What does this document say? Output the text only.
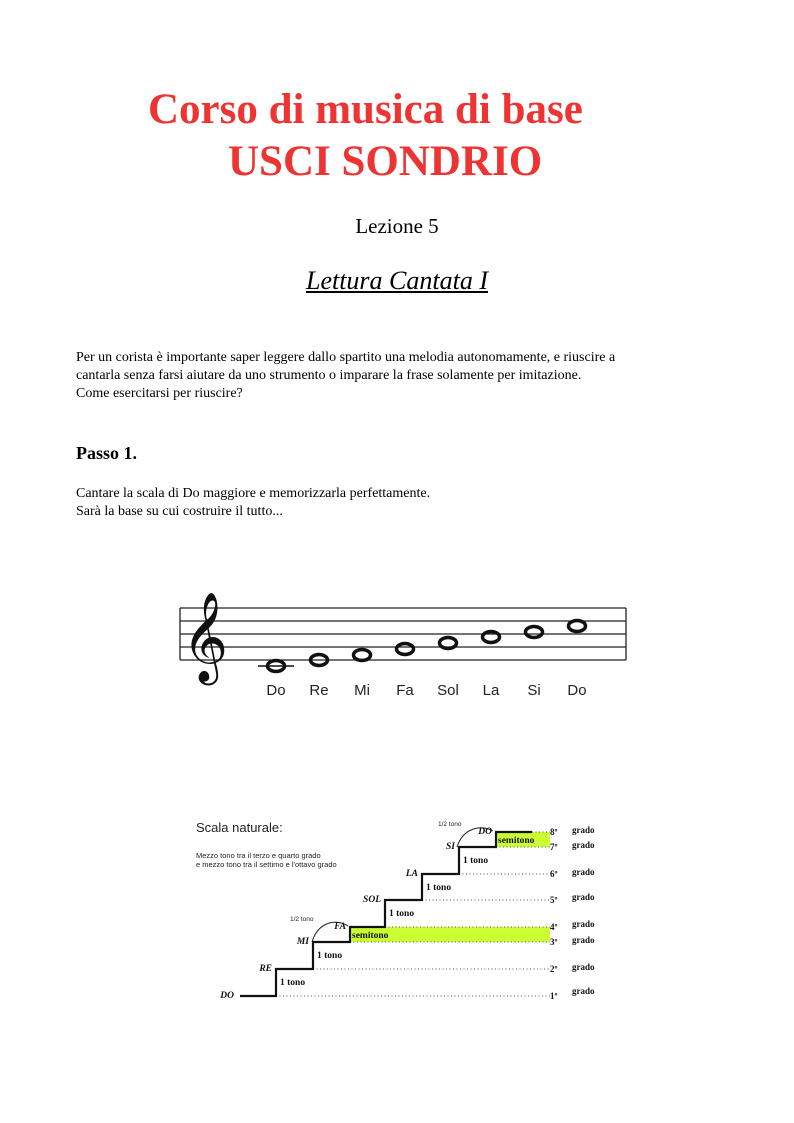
Corso di musica di base
USCI SONDRIO
Lezione 5
Lettura Cantata I
Per un corista è importante saper leggere dallo spartito una melodia autonomamente, e riuscire a
cantarla senza farsi aiutare da uno strumento o imparare la frase solamente per imitazione.
Come esercitarsi per riuscire?
Passo 1.
Cantare la scala di Do maggiore e memorizzarla perfettamente.
Sarà la base su cui costruire il tutto...
𝄞
Do Re Mi Fa Sol La Si Do
Scala naturale:
Mezzo tono tra il terzo e quarto grado
e mezzo tono tra il settimo e l'ottavo grado
1/2 tono
1/2 tono
DO
RE
MI
FA
SOL
LA
SI
DO
1 tono
1 tono
semitono
1 tono
1 tono
1 tono
semitono
1º
2º
3º
4º
5º
6º
7º
8º
grado
grado
grado
grado
grado
grado
grado
grado
